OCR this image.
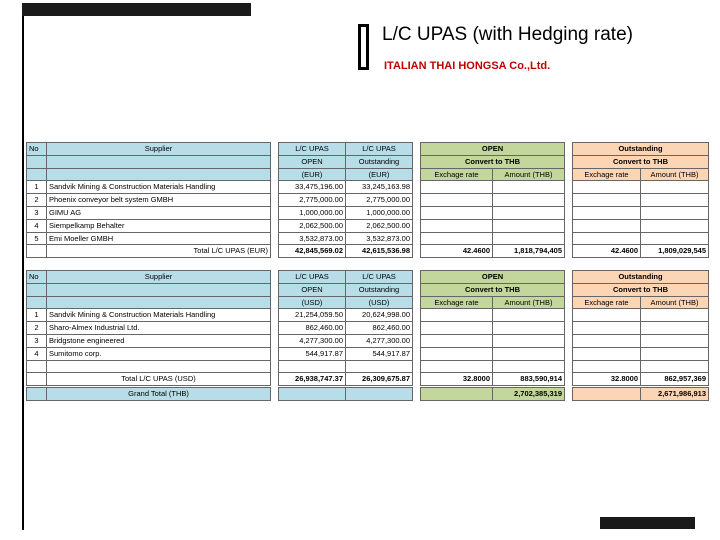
L/C UPAS (with Hedging rate)
ITALIAN THAI HONGSA Co.,Ltd.
No	Supplier		L/C UPAS	L/C UPAS		OPEN			Outstanding	
			OPEN	Outstanding		Convert to THB			Convert to THB	
			(EUR)	(EUR)		Exchage rate	Amount (THB)		Exchage rate	Amount (THB)
1	Sandvik Mining & Construction Materials Handling		33,475,196.00	33,245,163.98						
2	Phoenix conveyor belt system GMBH		2,775,000.00	2,775,000.00						
3	GIMU AG		1,000,000.00	1,000,000.00						
4	Siempelkamp Behalter		2,062,500.00	2,062,500.00						
5	Emi Moeller GMBH		3,532,873.00	3,532,873.00						
	Total L/C UPAS (EUR)		42,845,569.02	42,615,536.98		42.4600	1,818,794,405		42.4600	1,809,029,545
No	Supplier		L/C UPAS	L/C UPAS		OPEN			Outstanding	
			OPEN	Outstanding		Convert to THB			Convert to THB	
			(USD)	(USD)		Exchage rate	Amount (THB)		Exchage rate	Amount (THB)
1	Sandvik Mining & Construction Materials Handling		21,254,059.50	20,624,998.00						
2	Sharo-Almex Industrial Ltd.		862,460.00	862,460.00						
3	Bridgstone engineered		4,277,300.00	4,277,300.00						
4	Sumitomo corp.		544,917.87	544,917.87						

	Total L/C UPAS (USD)		26,938,747.37	26,309,675.87		32.8000	883,590,914		32.8000	862,957,369
	Grand Total (THB)						2,702,385,319			2,671,986,913
